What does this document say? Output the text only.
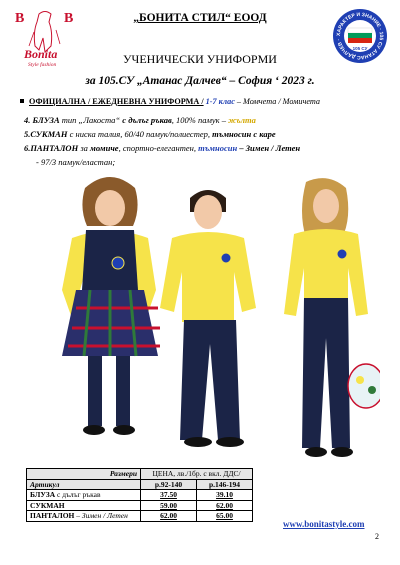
B	B
Bonita
Style fashion
ХАРАКТЕР И ЗНАНИЕ · 105 СУ АТАНАС ДАЛЧЕВ ·
105 СУ
„БОНИТА СТИЛ“ ЕООД
УЧЕНИЧЕСКИ УНИФОРМИ
за 105.СУ „Атанас Далчев“ – София ‘ 2023 г.
ОФИЦИАЛНА / ЕЖЕДНЕВНА УНИФОРМА / 1-7 клас – Момчета / Момичета
4. БЛУЗА тип „Лакоста“ с дълъг ръкав, 100% памук – жълта
5.СУКМАН с ниска талия, 60/40 памук/полиестер, тъмносин с каре
6.ПАНТАЛОН за момиче, спортно-елегантен, тъмносин – Зимен / Летен
- 97/3 памук/еластан;
Размери	ЦЕНА, лв./1бр. с вкл. ДДС/	
Артикул	р.92-140	р.146-194
БЛУЗА с дълъг ръкав	37.50	39.10
СУКМАН	59.00	62.00
ПАНТАЛОН – Зимен / Летен	62.00	65.00
www.bonitastyle.com
2
